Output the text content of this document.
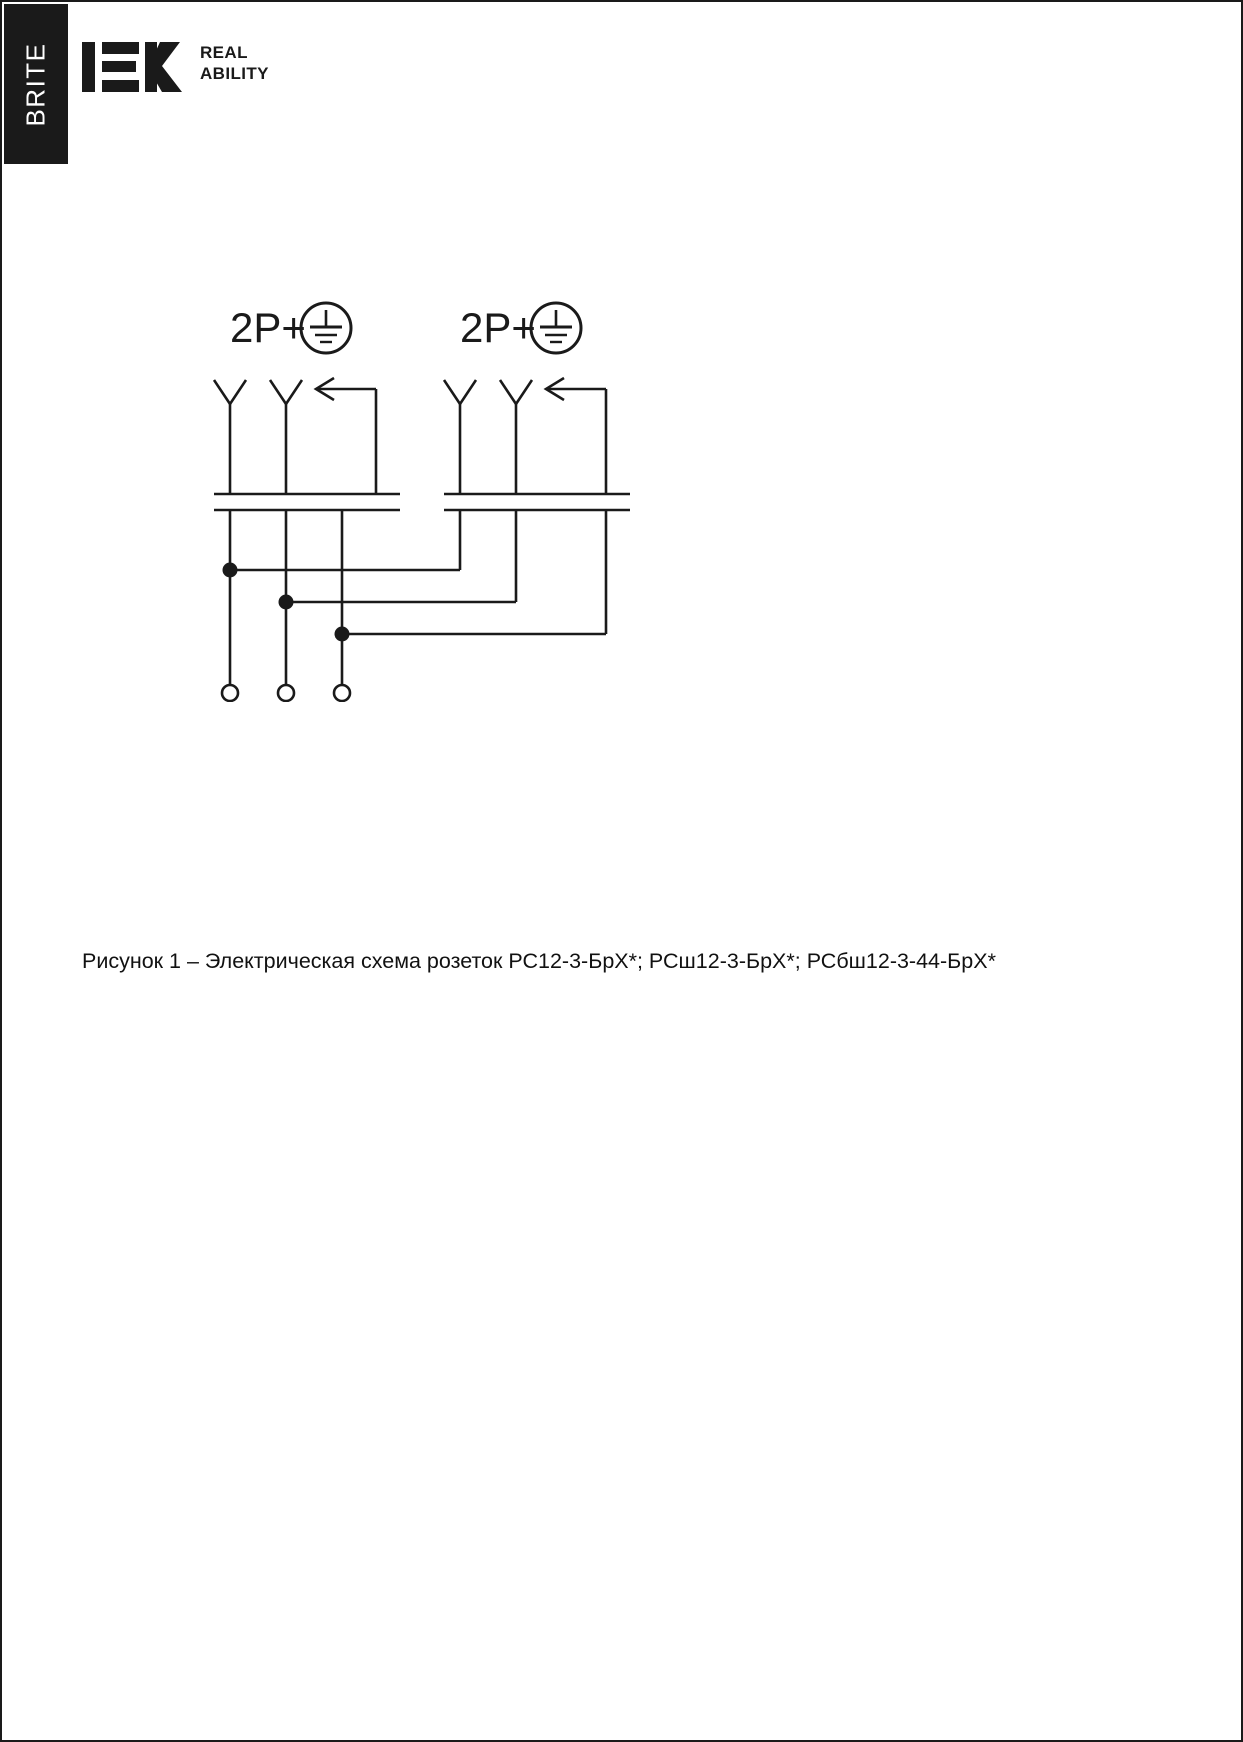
BRITE	REAL
ABILITY
2P+	2P+
Рисунок 1 – Электрическая схема розеток РС12-3-БрХ*; РСш12-3-БрХ*; РСбш12-3-44-БрХ*
